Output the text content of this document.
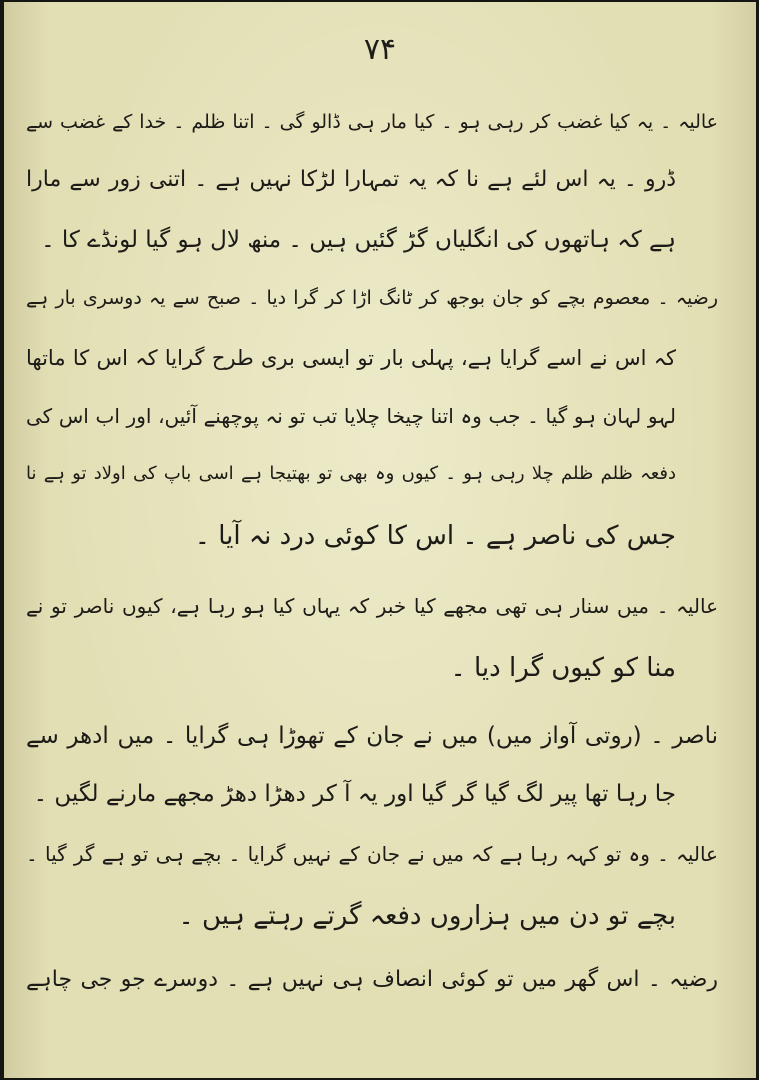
۷۴
عالیہ ۔ یہ کیا غضب کر رہی ہو ۔ کیا مار ہی ڈالو گی ۔ اتنا ظلم ۔ خدا کے غضب سے
ڈرو ۔ یہ اس لئے ہے نا کہ یہ تمہارا لڑکا نہیں ہے ۔ اتنی زور سے مارا
ہے کہ ہاتھوں کی انگلیاں گڑ گئیں ہیں ۔ منھ لال ہو گیا لونڈے کا ۔
رضیہ ۔ معصوم بچے کو جان بوجھ کر ٹانگ اڑا کر گرا دیا ۔ صبح سے یہ دوسری بار ہے
کہ اس نے اسے گرایا ہے، پہلی بار تو ایسی بری طرح گرایا کہ اس کا ماتھا
لہو لہان ہو گیا ۔ جب وہ اتنا چیخا چلایا تب تو نہ پوچھنے آئیں، اور اب اس کی
دفعہ ظلم ظلم چلا رہی ہو ۔ کیوں وہ بھی تو بھتیجا ہے اسی باپ کی اولاد تو ہے نا
جس کی ناصر ہے ۔ اس کا کوئی درد نہ آیا ۔
عالیہ ۔ میں سنار ہی تھی مجھے کیا خبر کہ یہاں کیا ہو رہا ہے، کیوں ناصر تو نے
منا کو کیوں گرا دیا ۔
ناصر ۔ (روتی آواز میں) میں نے جان کے تھوڑا ہی گرایا ۔ میں ادھر سے
جا رہا تھا پیر لگ گیا گر گیا اور یہ آ کر دھڑا دھڑ مجھے مارنے لگیں ۔
عالیہ ۔ وہ تو کہہ رہا ہے کہ میں نے جان کے نہیں گرایا ۔ بچے ہی تو ہے گر گیا ۔
بچے تو دن میں ہزاروں دفعہ گرتے رہتے ہیں ۔
رضیہ ۔ اس گھر میں تو کوئی انصاف ہی نہیں ہے ۔ دوسرے جو جی چاہے
